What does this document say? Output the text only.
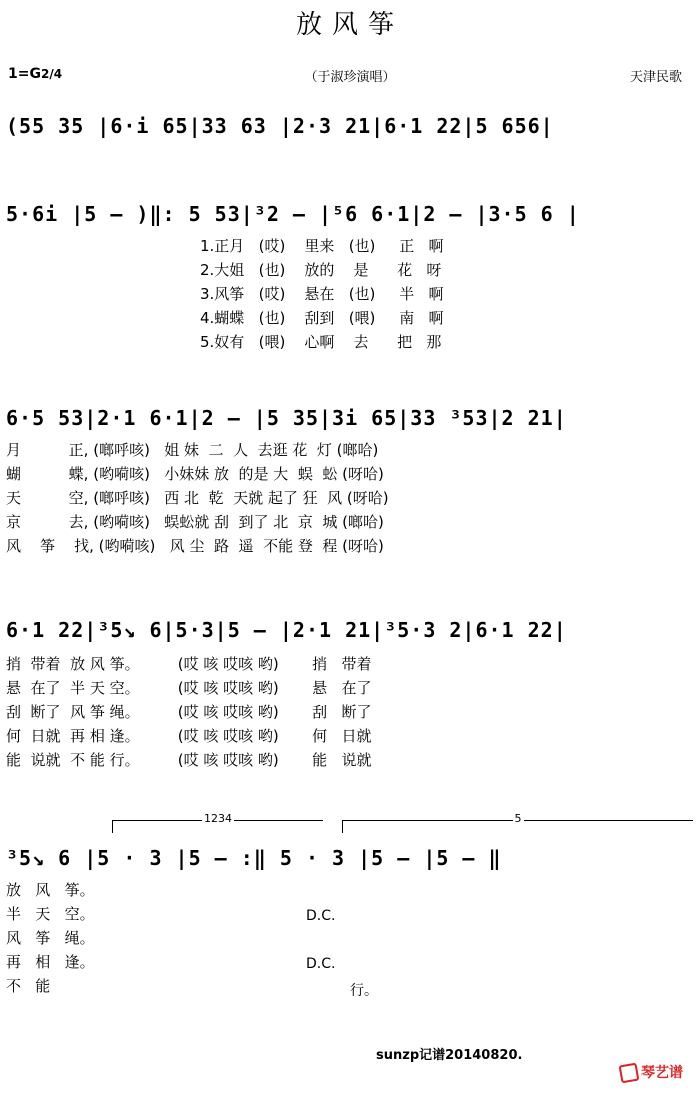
放风筝
1=G2/4	（于淑珍演唱）	天津民歌
(55 35 |6·i 65|33 63 |2·3 21|6·1 22|5 656|
5·6i |5 – )‖: 5 53|³2 – |⁵6 6·1|2 – |3·5 6 |
1.正月   (哎)    里来   (也)     正   啊
2.大姐   (也)    放的    是      花   呀
3.风筝   (哎)    悬在   (也)     半   啊
4.蝴蝶   (也)    刮到   (喂)     南   啊
5.奴有   (喂)    心啊    去      把   那
6·5 53|2·1 6·1|2 – |5 35|3i 65|33 ³53|2 21|
月          正, (啷呼咳)   姐 妹  二  人  去逛 花  灯 (啷哈)
蝴          蝶, (哟嗬咳)   小妹妹 放  的是 大  蜈  蚣 (呀哈)
天          空, (啷呼咳)   西 北  乾  天就 起了 狂  风 (呀哈)
京          去, (哟嗬咳)   蜈蚣就 刮  到了 北  京  城 (啷哈)
风    筝    找, (哟嗬咳)   风 尘  路  遥  不能 登  程 (呀哈)
6·1 22|³5↘ 6|5·3|5 – |2·1 21|³5·3 2|6·1 22|
捎  带着  放 风 筝。        (哎 咳 哎咳 哟)       捎   带着
悬  在了  半 天 空。        (哎 咳 哎咳 哟)       悬   在了
刮  断了  风 筝 绳。        (哎 咳 哎咳 哟)       刮   断了
何  日就  再 相 逢。        (哎 咳 哎咳 哟)       何   日就
能  说就  不 能 行。        (哎 咳 哎咳 哟)       能   说就
1234	5
³5↘ 6 |5 · 3 |5 – :‖ 5 · 3 |5 – |5 – ‖
放   风   筝。
半   天   空。
风   筝   绳。
再   相   逢。
不   能
D.C.
D.C.
行。
sunzp记谱20140820.
琴艺谱
